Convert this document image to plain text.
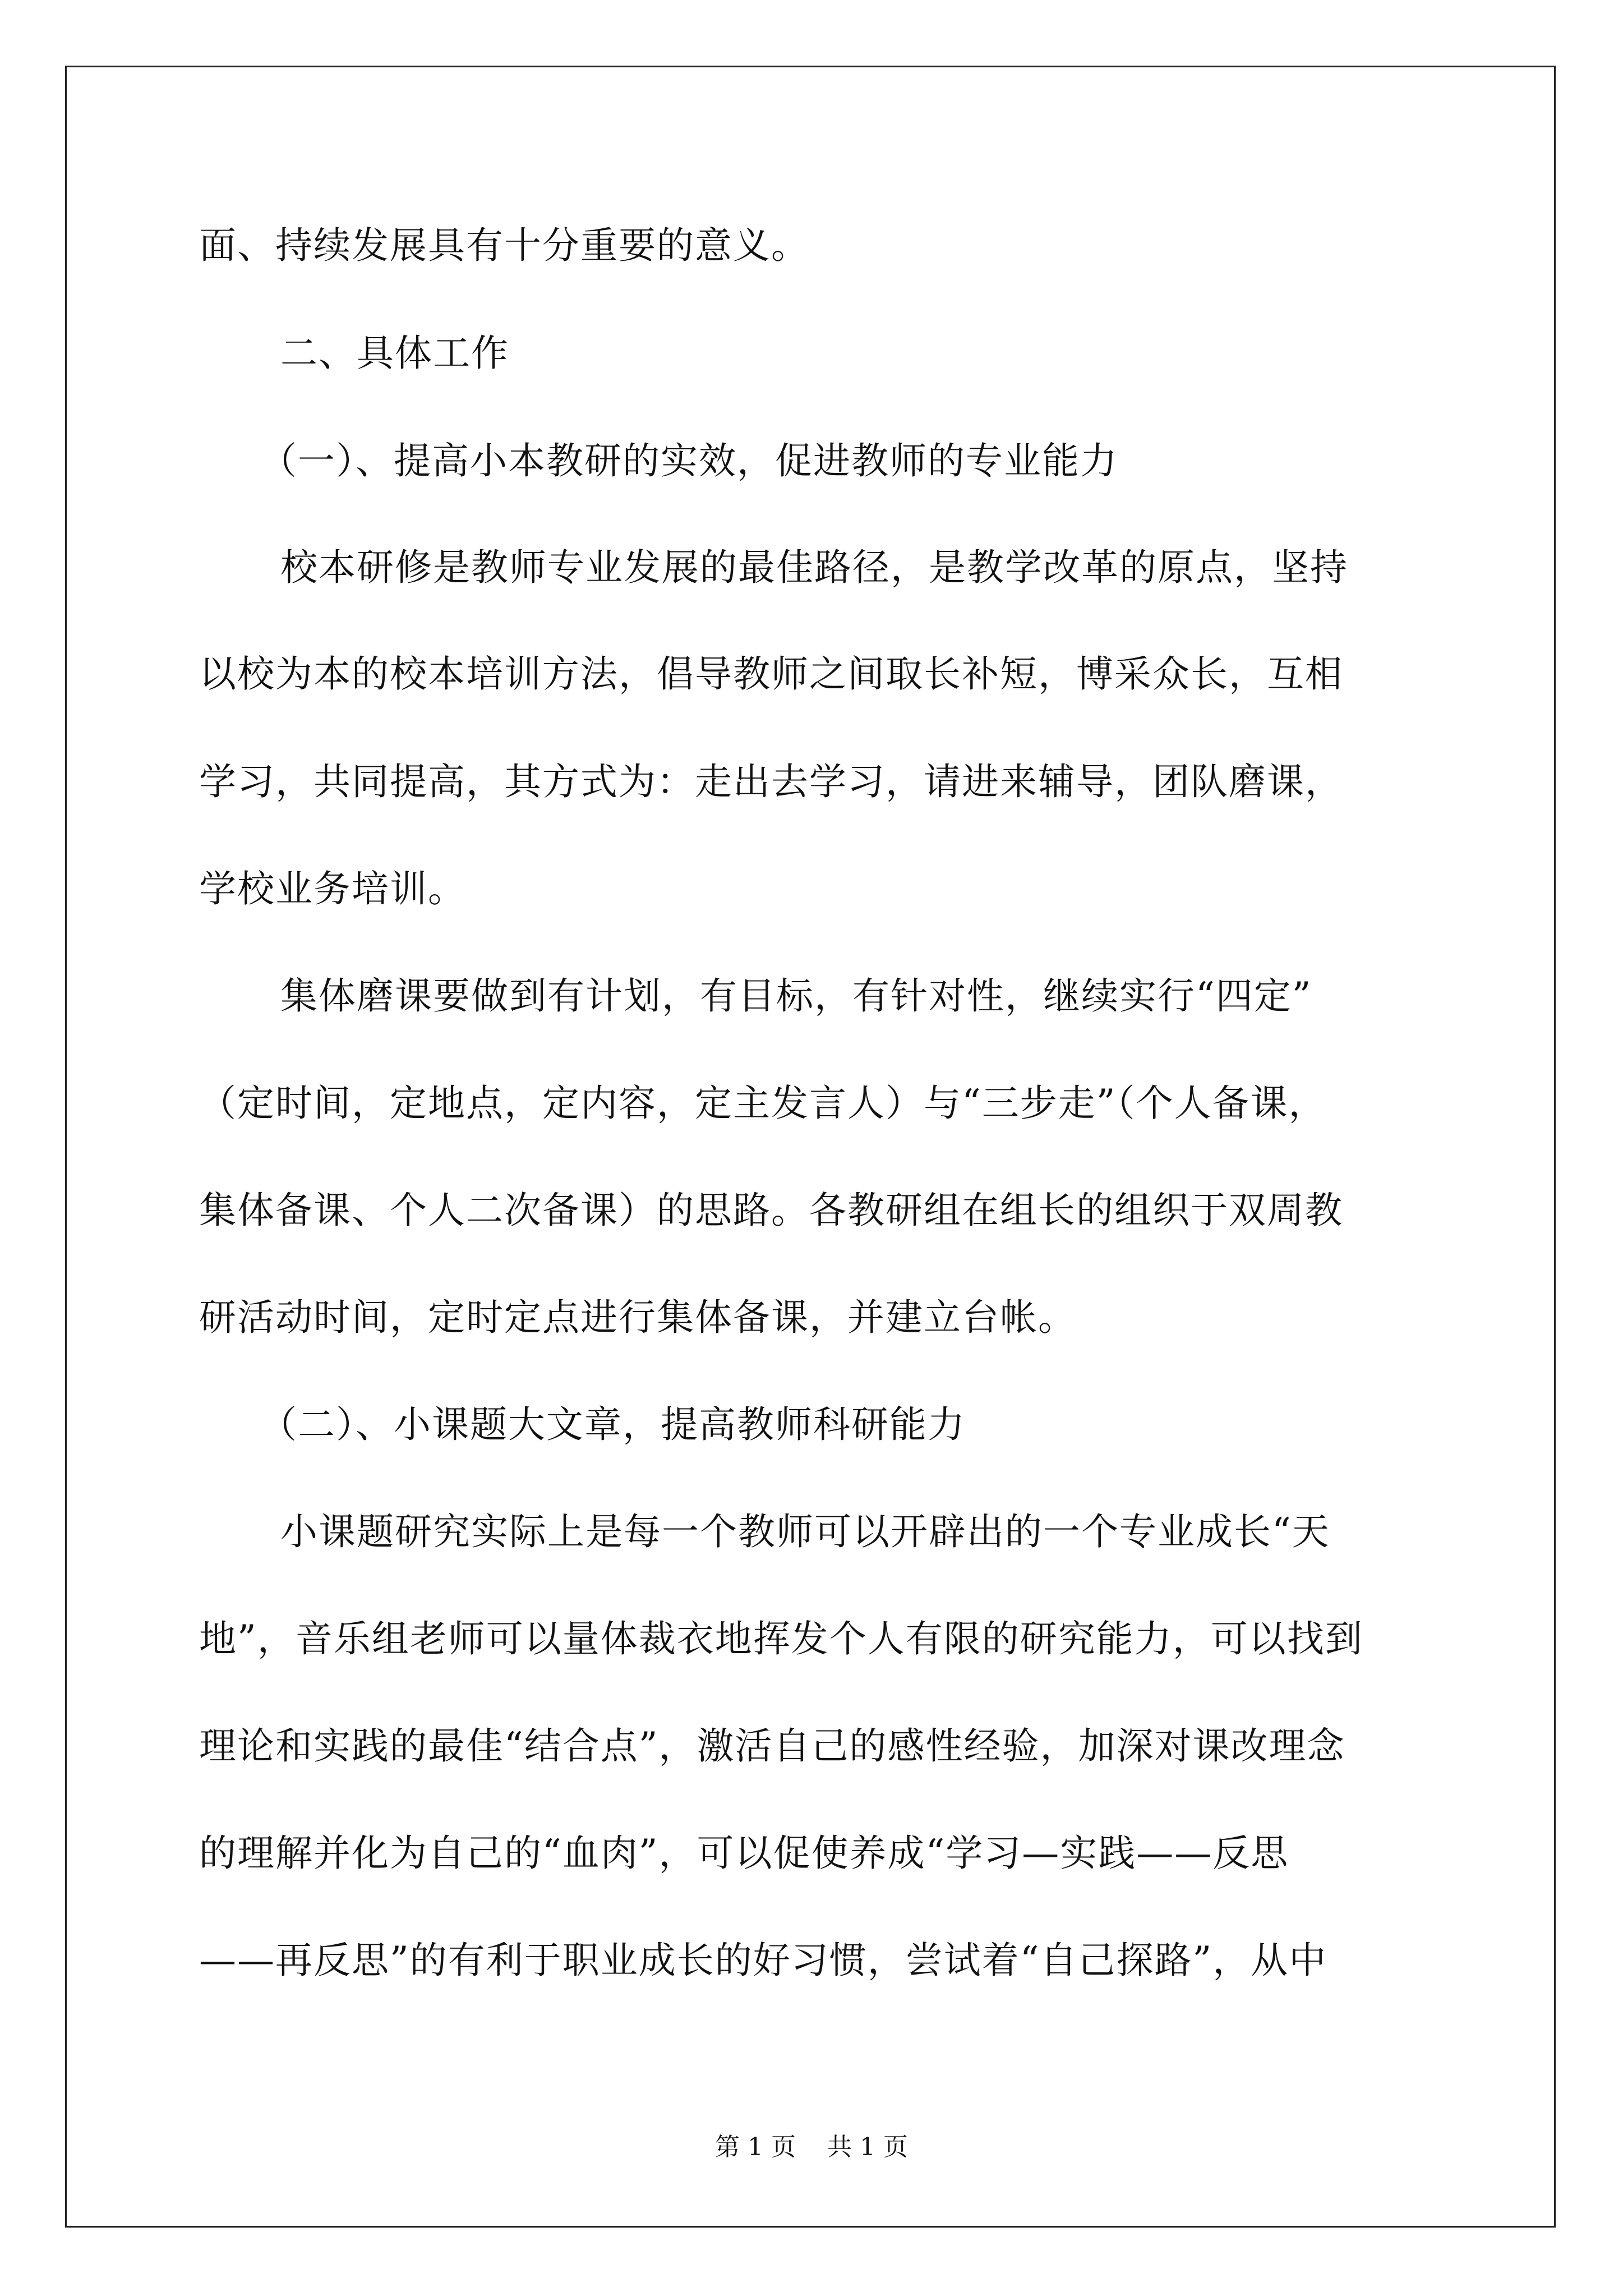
面、持续发展具有十分重要的意义。
二、具体工作
（一）、提高小本教研的实效，促进教师的专业能力
校本研修是教师专业发展的最佳路径，是教学改革的原点，坚持
以校为本的校本培训方法，倡导教师之间取长补短，博采众长，互相
学习，共同提高，其方式为：走出去学习，请进来辅导，团队磨课，
学校业务培训。
集体磨课要做到有计划，有目标，有针对性，继续实行“四定”
（定时间，定地点，定内容，定主发言人）与“三步走”（个人备课，
集体备课、个人二次备课）的思路。各教研组在组长的组织于双周教
研活动时间，定时定点进行集体备课，并建立台帐。
（二）、小课题大文章，提高教师科研能力
小课题研究实际上是每一个教师可以开辟出的一个专业成长“天
地”，音乐组老师可以量体裁衣地挥发个人有限的研究能力，可以找到
理论和实践的最佳“结合点”，激活自己的感性经验，加深对课改理念
的理解并化为自己的“血肉”，可以促使养成“学习—实践——反思
——再反思”的有利于职业成长的好习惯，尝试着“自己探路”，从中
第 1 页    共 1 页
